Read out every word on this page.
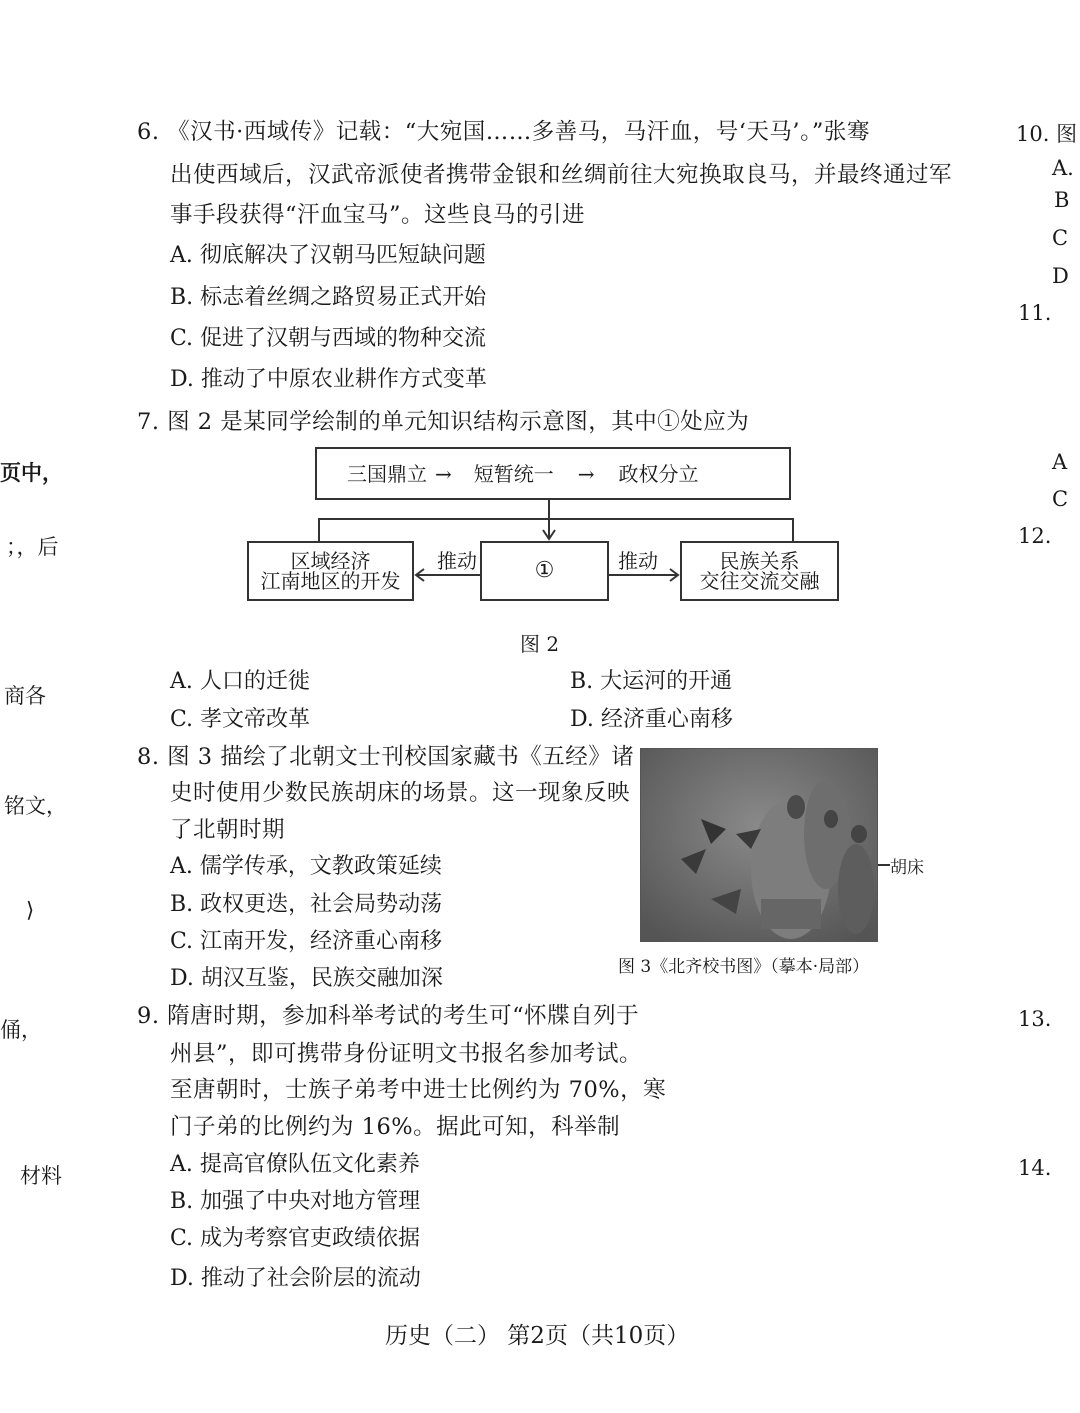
6. 《汉书·西域传》记载：“大宛国……多善马，马汗血，号‘天马’。”张骞
出使西域后，汉武帝派使者携带金银和丝绸前往大宛换取良马，并最终通过军
事手段获得“汗血宝马”。这些良马的引进
A. 彻底解决了汉朝马匹短缺问题
B. 标志着丝绸之路贸易正式开始
C. 促进了汉朝与西域的物种交流
D. 推动了中原农业耕作方式变革
7. 图 2 是某同学绘制的单元知识结构示意图，其中①处应为
三国鼎立 → 短暂统一 → 政权分立
区域经济
江南地区的开发	①	民族关系
交往交流交融
推动	推动
图 2
A. 人口的迁徙	B. 大运河的开通
C. 孝文帝改革	D. 经济重心南移
8. 图 3 描绘了北朝文士刊校国家藏书《五经》诸
史时使用少数民族胡床的场景。这一现象反映
了北朝时期
A. 儒学传承，文教政策延续
B. 政权更迭，社会局势动荡
C. 江南开发，经济重心南移
D. 胡汉互鉴，民族交融加深
胡床
图 3《北齐校书图》（摹本·局部）
9. 隋唐时期，参加科举考试的考生可“怀牒自列于
州县”，即可携带身份证明文书报名参加考试。
至唐朝时，士族子弟考中进士比例约为 70%，寒
门子弟的比例约为 16%。据此可知，科举制
A. 提高官僚队伍文化素养
B. 加强了中央对地方管理
C. 成为考察官吏政绩依据
D. 推动了社会阶层的流动
页中，
；，后
商各
铭文，
⟩
俑，
材料
10. 图
A.
B
C
D
11.
A
C
12.
13.
14.
历史（二） 第2页（共10页）
